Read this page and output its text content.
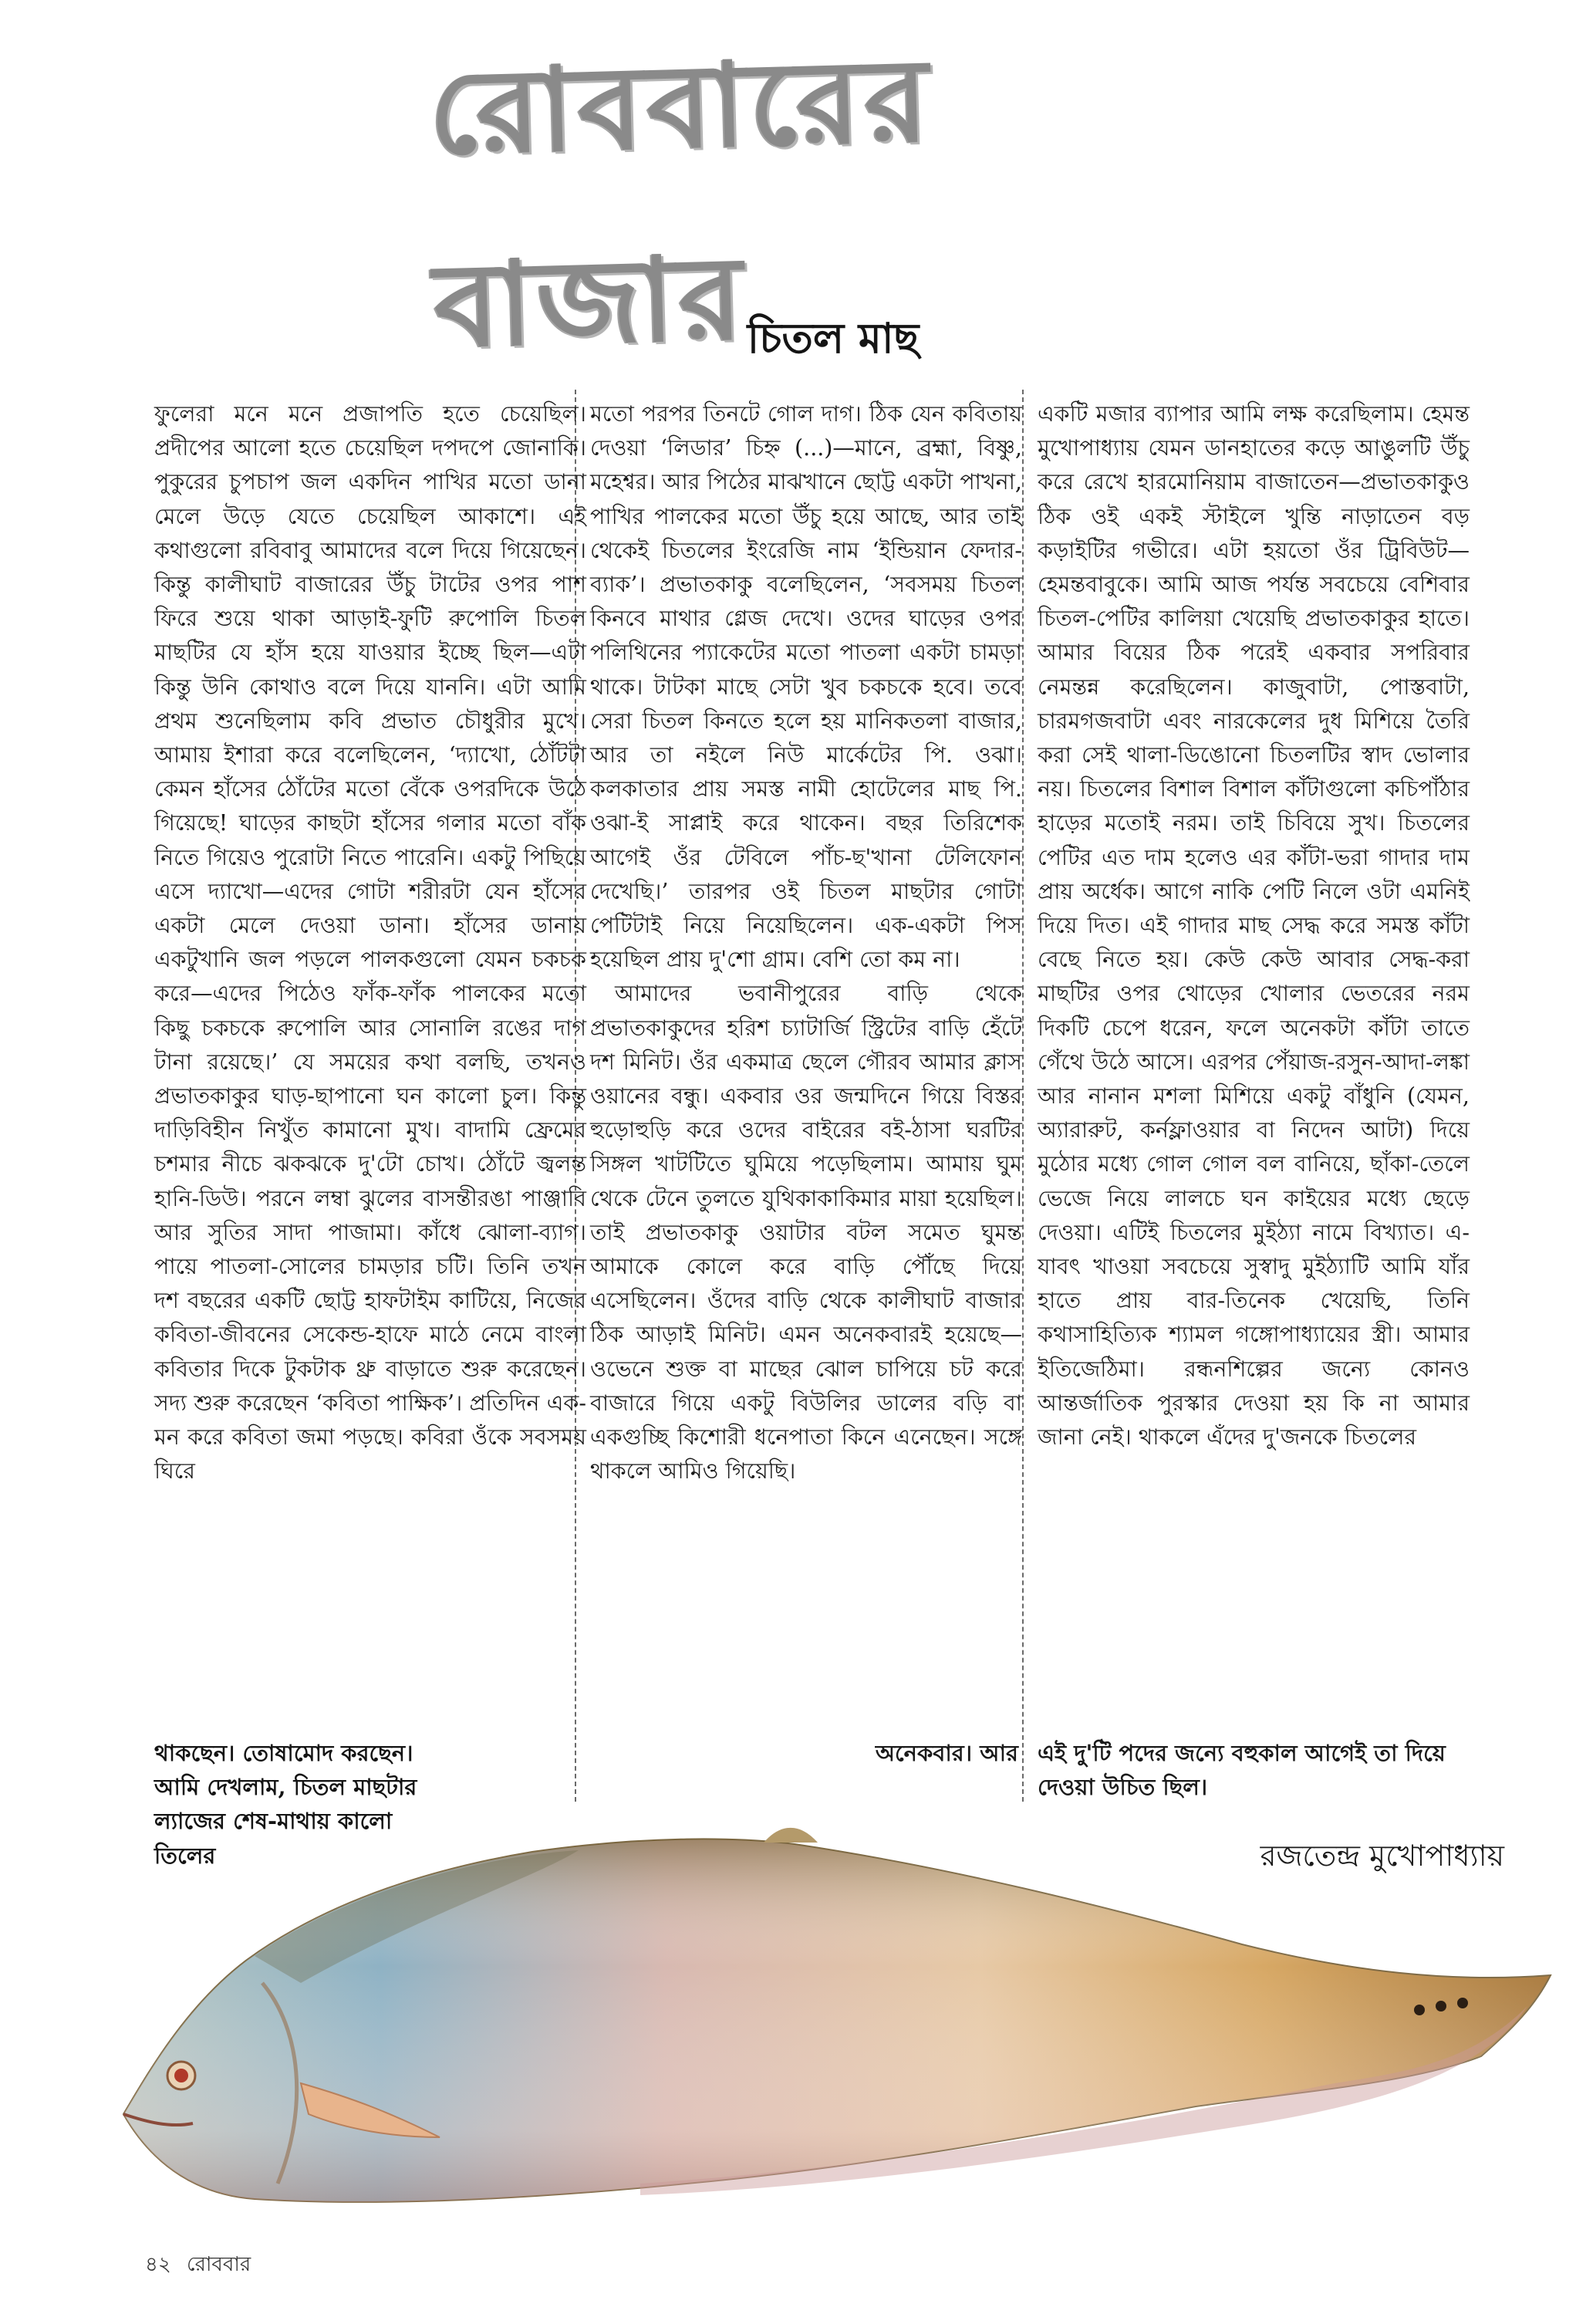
রোববারের বাজার
চিতল মাছ

ফুলেরা মনে মনে প্রজাপতি হতে চেয়েছিল। প্রদীপের আলো হতে চেয়েছিল দপদপে জোনাকি। পুকুরের চুপচাপ জল একদিন পাখির মতো ডানা মেলে উড়ে যেতে চেয়েছিল আকাশে। এই কথাগুলো রবিবাবু আমাদের বলে দিয়ে গিয়েছেন। কিন্তু কালীঘাট বাজারের উঁচু টাটের ওপর পাশ ফিরে শুয়ে থাকা আড়াই-ফুটি রুপোলি চিতল মাছটির যে হাঁস হয়ে যাওয়ার ইচ্ছে ছিল—এটা কিন্তু উনি কোথাও বলে দিয়ে যাননি। এটা আমি প্রথম শুনেছিলাম কবি প্রভাত চৌধুরীর মুখে। আমায় ইশারা করে বলেছিলেন, ‘দ্যাখো, ঠোঁটটা কেমন হাঁসের ঠোঁটের মতো বেঁকে ওপরদিকে উঠে গিয়েছে! ঘাড়ের কাছটা হাঁসের গলার মতো বাঁক নিতে গিয়েও পুরোটা নিতে পারেনি। একটু পিছিয়ে এসে দ্যাখো—এদের গোটা শরীরটা যেন হাঁসের একটা মেলে দেওয়া ডানা। হাঁসের ডানায় একটুখানি জল পড়লে পালকগুলো যেমন চকচক করে—এদের পিঠেও ফাঁক-ফাঁক পালকের মতো কিছু চকচকে রুপোলি আর সোনালি রঙের দাগ টানা রয়েছে।’ যে সময়ের কথা বলছি, তখনও প্রভাতকাকুর ঘাড়-ছাপানো ঘন কালো চুল। কিন্তু দাড়িবিহীন নিখুঁত কামানো মুখ। বাদামি ফ্রেমের চশমার নীচে ঝকঝকে দু'টো চোখ। ঠোঁটে জ্বলন্ত হানি-ডিউ। পরনে লম্বা ঝুলের বাসন্তীরঙা পাঞ্জাবি আর সুতির সাদা পাজামা। কাঁধে ঝোলা-ব্যাগ। পায়ে পাতলা-সোলের চামড়ার চটি। তিনি তখন দশ বছরের একটি ছোট্ট হাফটাইম কাটিয়ে, নিজের কবিতা-জীবনের সেকেন্ড-হাফে মাঠে নেমে বাংলা কবিতার দিকে টুকটাক থ্রু বাড়াতে শুরু করেছেন। সদ্য শুরু করেছেন ‘কবিতা পাক্ষিক’। প্রতিদিন এক-মন করে কবিতা জমা পড়ছে। কবিরা ওঁকে সবসময় ঘিরে

মতো পরপর তিনটে গোল দাগ। ঠিক যেন কবিতায় দেওয়া ‘লিডার’ চিহ্ন (...)—মানে, ব্রহ্মা, বিষ্ণু, মহেশ্বর। আর পিঠের মাঝখানে ছোট্ট একটা পাখনা, পাখির পালকের মতো উঁচু হয়ে আছে, আর তাই থেকেই চিতলের ইংরেজি নাম ‘ইন্ডিয়ান ফেদার-ব্যাক’। প্রভাতকাকু বলেছিলেন, ‘সবসময় চিতল কিনবে মাথার গ্লেজ দেখে। ওদের ঘাড়ের ওপর পলিথিনের প্যাকেটের মতো পাতলা একটা চামড়া থাকে। টাটকা মাছে সেটা খুব চকচকে হবে। তবে সেরা চিতল কিনতে হলে হয় মানিকতলা বাজার, আর তা নইলে নিউ মার্কেটের পি. ওঝা। কলকাতার প্রায় সমস্ত নামী হোটেলের মাছ পি. ওঝা-ই সাপ্লাই করে থাকেন। বছর তিরিশেক আগেই ওঁর টেবিলে পাঁচ-ছ'খানা টেলিফোন দেখেছি।’ তারপর ওই চিতল মাছটার গোটা পেটিটাই নিয়ে নিয়েছিলেন। এক-একটা পিস হয়েছিল প্রায় দু'শো গ্রাম। বেশি তো কম না।

আমাদের ভবানীপুরের বাড়ি থেকে প্রভাতকাকুদের হরিশ চ্যাটার্জি স্ট্রিটের বাড়ি হেঁটে দশ মিনিট। ওঁর একমাত্র ছেলে গৌরব আমার ক্লাস ওয়ানের বন্ধু। একবার ওর জন্মদিনে গিয়ে বিস্তর হুড়োহুড়ি করে ওদের বাইরের বই-ঠাসা ঘরটির সিঙ্গল খাটটিতে ঘুমিয়ে পড়েছিলাম। আমায় ঘুম থেকে টেনে তুলতে যুথিকাকাকিমার মায়া হয়েছিল। তাই প্রভাতকাকু ওয়াটার বটল সমেত ঘুমন্ত আমাকে কোলে করে বাড়ি পৌঁছে দিয়ে এসেছিলেন। ওঁদের বাড়ি থেকে কালীঘাট বাজার ঠিক আড়াই মিনিট। এমন অনেকবারই হয়েছে—ওভেনে শুক্ত বা মাছের ঝোল চাপিয়ে চট করে বাজারে গিয়ে একটু বিউলির ডালের বড়ি বা একগুচ্ছি কিশোরী ধনেপাতা কিনে এনেছেন। সঙ্গে থাকলে আমিও গিয়েছি।

একটি মজার ব্যাপার আমি লক্ষ করেছিলাম। হেমন্ত মুখোপাধ্যায় যেমন ডানহাতের কড়ে আঙুলটি উঁচু করে রেখে হারমোনিয়াম বাজাতেন—প্রভাতকাকুও ঠিক ওই একই স্টাইলে খুন্তি নাড়াতেন বড় কড়াইটির গভীরে। এটা হয়তো ওঁর ট্রিবিউট—হেমন্তবাবুকে। আমি আজ পর্যন্ত সবচেয়ে বেশিবার চিতল-পেটির কালিয়া খেয়েছি প্রভাতকাকুর হাতে। আমার বিয়ের ঠিক পরেই একবার সপরিবার নেমন্তন্ন করেছিলেন। কাজুবাটা, পোস্তবাটা, চারমগজবাটা এবং নারকেলের দুধ মিশিয়ে তৈরি করা সেই থালা-ডিঙোনো চিতলটির স্বাদ ভোলার নয়। চিতলের বিশাল বিশাল কাঁটাগুলো কচিপাঁঠার হাড়ের মতোই নরম। তাই চিবিয়ে সুখ। চিতলের পেটির এত দাম হলেও এর কাঁটা-ভরা গাদার দাম প্রায় অর্ধেক। আগে নাকি পেটি নিলে ওটা এমনিই দিয়ে দিত। এই গাদার মাছ সেদ্ধ করে সমস্ত কাঁটা বেছে নিতে হয়। কেউ কেউ আবার সেদ্ধ-করা মাছটির ওপর থোড়ের খোলার ভেতরের নরম দিকটি চেপে ধরেন, ফলে অনেকটা কাঁটা তাতে গেঁথে উঠে আসে। এরপর পেঁয়াজ-রসুন-আদা-লঙ্কা আর নানান মশলা মিশিয়ে একটু বাঁধুনি (যেমন, অ্যারারুট, কর্নফ্লাওয়ার বা নিদেন আটা) দিয়ে মুঠোর মধ্যে গোল গোল বল বানিয়ে, ছাঁকা-তেলে ভেজে নিয়ে লালচে ঘন কাইয়ের মধ্যে ছেড়ে দেওয়া। এটিই চিতলের মুইঠ্যা নামে বিখ্যাত। এ-যাবৎ খাওয়া সবচেয়ে সুস্বাদু মুইঠ্যাটি আমি যাঁর হাতে প্রায় বার-তিনেক খেয়েছি, তিনি কথাসাহিত্যিক শ্যামল গঙ্গোপাধ্যায়ের স্ত্রী। আমার ইতিজেঠিমা। রন্ধনশিল্পের জন্যে কোনও আন্তর্জাতিক পুরস্কার দেওয়া হয় কি না আমার জানা নেই। থাকলে এঁদের দু'জনকে চিতলের

থাকছেন। তোষামোদ করছেন। আমি দেখলাম, চিতল মাছটার ল্যাজের শেষ-মাথায় কালো তিলের
অনেকবার। আর এই দু'টি পদের জন্যে বহুকাল আগেই তা দিয়ে দেওয়া উচিত ছিল।
রজতেন্দ্র মুখোপাধ্যায়
৪২ রোববার
